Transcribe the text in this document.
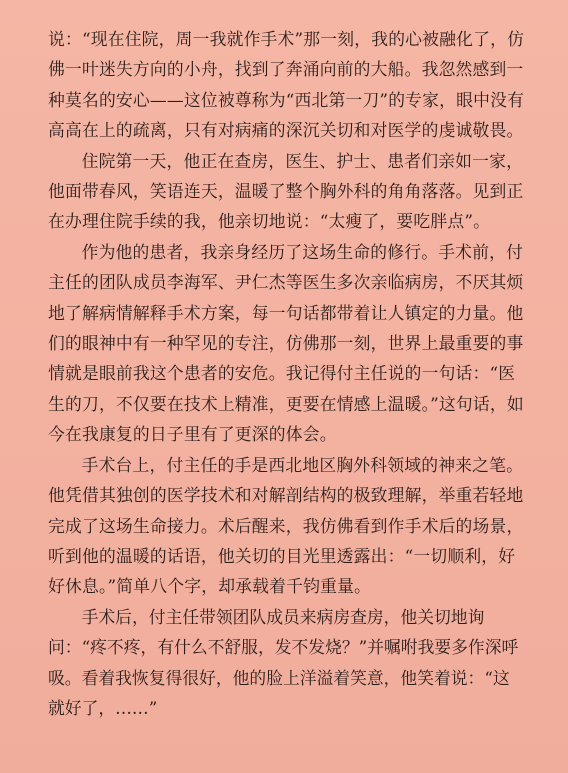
说：“现在住院，周一我就作手术”那一刻，我的心被融化了，仿佛一叶迷失方向的小舟，找到了奔涌向前的大船。我忽然感到一种莫名的安心——这位被尊称为“西北第一刀”的专家，眼中没有高高在上的疏离，只有对病痛的深沉关切和对医学的虔诚敬畏。

住院第一天，他正在查房，医生、护士、患者们亲如一家，他面带春风，笑语连天，温暖了整个胸外科的角角落落。见到正在办理住院手续的我，他亲切地说：“太瘦了，要吃胖点”。

作为他的患者，我亲身经历了这场生命的修行。手术前，付主任的团队成员李海军、尹仁杰等医生多次亲临病房，不厌其烦地了解病情解释手术方案，每一句话都带着让人镇定的力量。他们的眼神中有一种罕见的专注，仿佛那一刻，世界上最重要的事情就是眼前我这个患者的安危。我记得付主任说的一句话：“医生的刀，不仅要在技术上精准，更要在情感上温暖。”这句话，如今在我康复的日子里有了更深的体会。

手术台上，付主任的手是西北地区胸外科领域的神来之笔。他凭借其独创的医学技术和对解剖结构的极致理解，举重若轻地完成了这场生命接力。术后醒来，我仿佛看到作手术后的场景，听到他的温暖的话语，他关切的目光里透露出：“一切顺利，好好休息。”简单八个字，却承载着千钧重量。

手术后，付主任带领团队成员来病房查房，他关切地询问：“疼不疼，有什么不舒服，发不发烧？”并嘱咐我要多作深呼吸。看着我恢复得很好，他的脸上洋溢着笑意，他笑着说：“这就好了，……”
